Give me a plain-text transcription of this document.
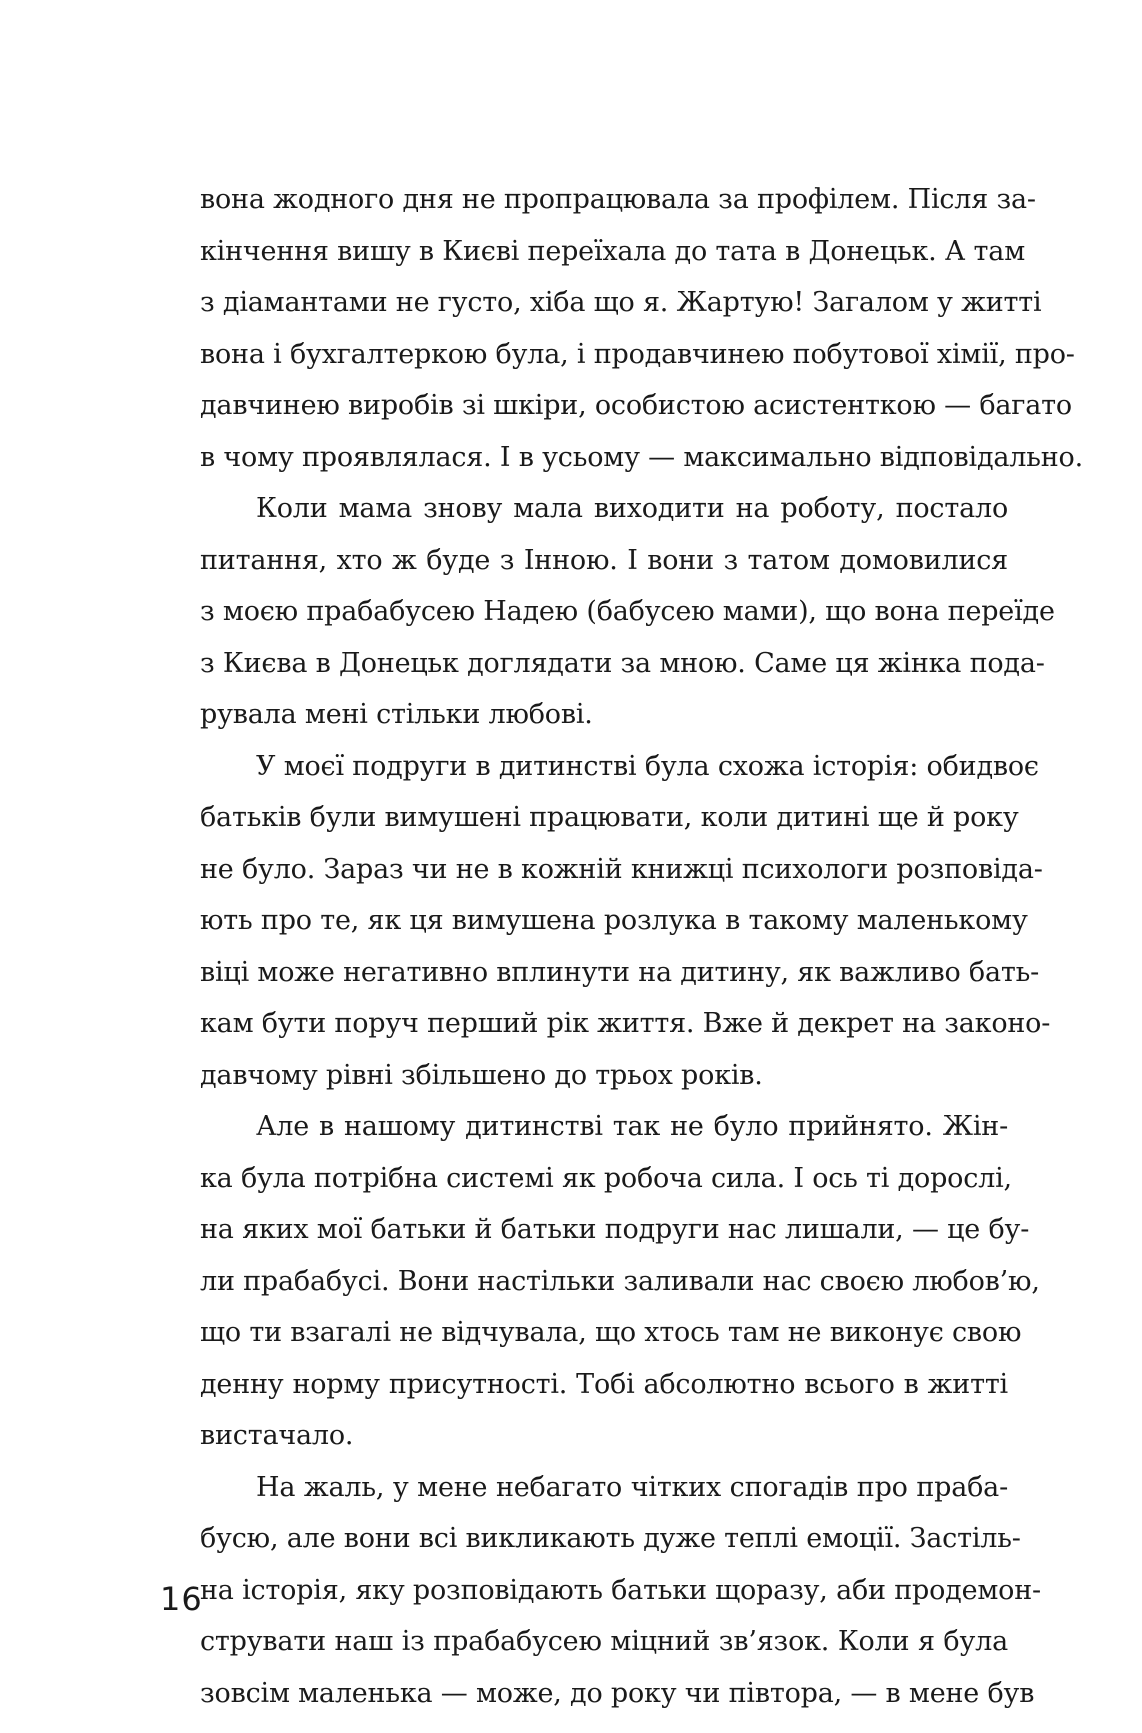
вона жодного дня не пропрацювала за профілем. Після за-
кінчення вишу в Києві переїхала до тата в Донецьк. А там
з діамантами не густо, хіба що я. Жартую! Загалом у житті
вона і бухгалтеркою була, і продавчинею побутової хімії, про-
давчинею виробів зі шкіри, особистою асистенткою — багато
в чому проявлялася. І в усьому — максимально відповідально.
Коли мама знову мала виходити на роботу, постало
питання, хто ж буде з Інною. І вони з татом домовилися
з моєю прабабусею Надею (бабусею мами), що вона переїде
з Києва в Донецьк доглядати за мною. Саме ця жінка пода-
рувала мені стільки любові.
У моєї подруги в дитинстві була схожа історія: обидвоє
батьків були вимушені працювати, коли дитині ще й року
не було. Зараз чи не в кожній книжці психологи розповіда-
ють про те, як ця вимушена розлука в такому маленькому
віці може негативно вплинути на дитину, як важливо бать-
кам бути поруч перший рік життя. Вже й декрет на законо-
давчому рівні збільшено до трьох років.
Але в нашому дитинстві так не було прийнято. Жін-
ка була потрібна системі як робоча сила. І ось ті дорослі,
на яких мої батьки й батьки подруги нас лишали, — це бу-
ли прабабусі. Вони настільки заливали нас своєю любов’ю,
що ти взагалі не відчувала, що хтось там не виконує свою
денну норму присутності. Тобі абсолютно всього в житті
вистачало.
На жаль, у мене небагато чітких спогадів про праба-
бусю, але вони всі викликають дуже теплі емоції. Застіль-
на історія, яку розповідають батьки щоразу, аби продемон-
струвати наш із прабабусею міцний зв’язок. Коли я була
зовсім маленька — може, до року чи півтора, — в мене був
16
